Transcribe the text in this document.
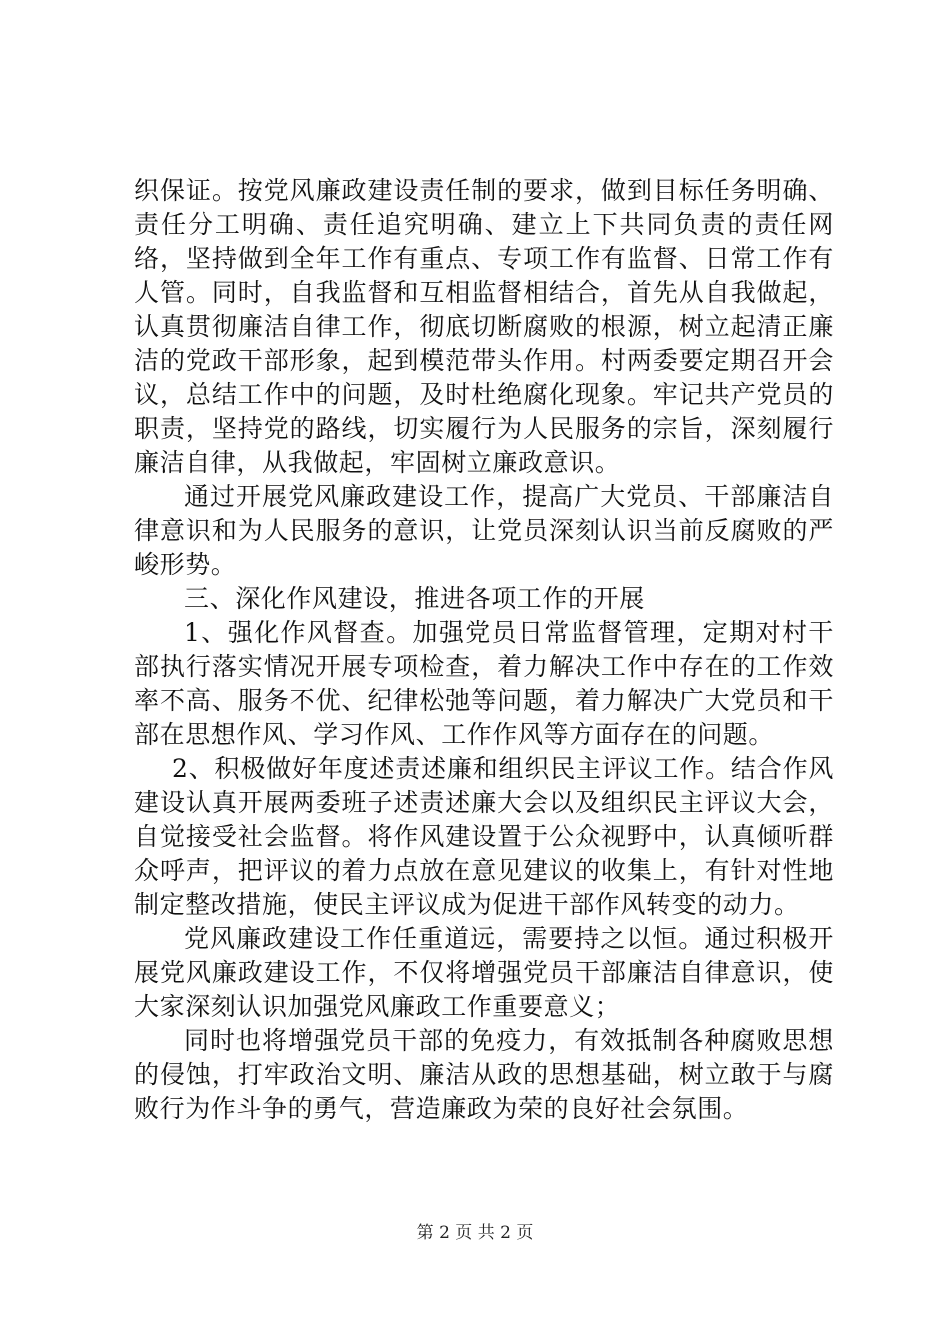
织保证。按党风廉政建设责任制的要求，做到目标任务明确、责任分工明确、责任追究明确、建立上下共同负责的责任网络，坚持做到全年工作有重点、专项工作有监督、日常工作有人管。同时，自我监督和互相监督相结合，首先从自我做起，认真贯彻廉洁自律工作，彻底切断腐败的根源，树立起清正廉洁的党政干部形象，起到模范带头作用。村两委要定期召开会议，总结工作中的问题，及时杜绝腐化现象。牢记共产党员的职责，坚持党的路线，切实履行为人民服务的宗旨，深刻履行廉洁自律，从我做起，牢固树立廉政意识。

通过开展党风廉政建设工作，提高广大党员、干部廉洁自律意识和为人民服务的意识，让党员深刻认识当前反腐败的严峻形势。

三、深化作风建设，推进各项工作的开展

1、强化作风督查。加强党员日常监督管理，定期对村干部执行落实情况开展专项检查，着力解决工作中存在的工作效率不高、服务不优、纪律松弛等问题，着力解决广大党员和干部在思想作风、学习作风、工作作风等方面存在的问题。

2、积极做好年度述责述廉和组织民主评议工作。结合作风建设认真开展两委班子述责述廉大会以及组织民主评议大会，自觉接受社会监督。将作风建设置于公众视野中，认真倾听群众呼声，把评议的着力点放在意见建议的收集上，有针对性地制定整改措施，使民主评议成为促进干部作风转变的动力。

党风廉政建设工作任重道远，需要持之以恒。通过积极开展党风廉政建设工作，不仅将增强党员干部廉洁自律意识，使大家深刻认识加强党风廉政工作重要意义；

同时也将增强党员干部的免疫力，有效抵制各种腐败思想的侵蚀，打牢政治文明、廉洁从政的思想基础，树立敢于与腐败行为作斗争的勇气，营造廉政为荣的良好社会氛围。

第 2 页 共 2 页
